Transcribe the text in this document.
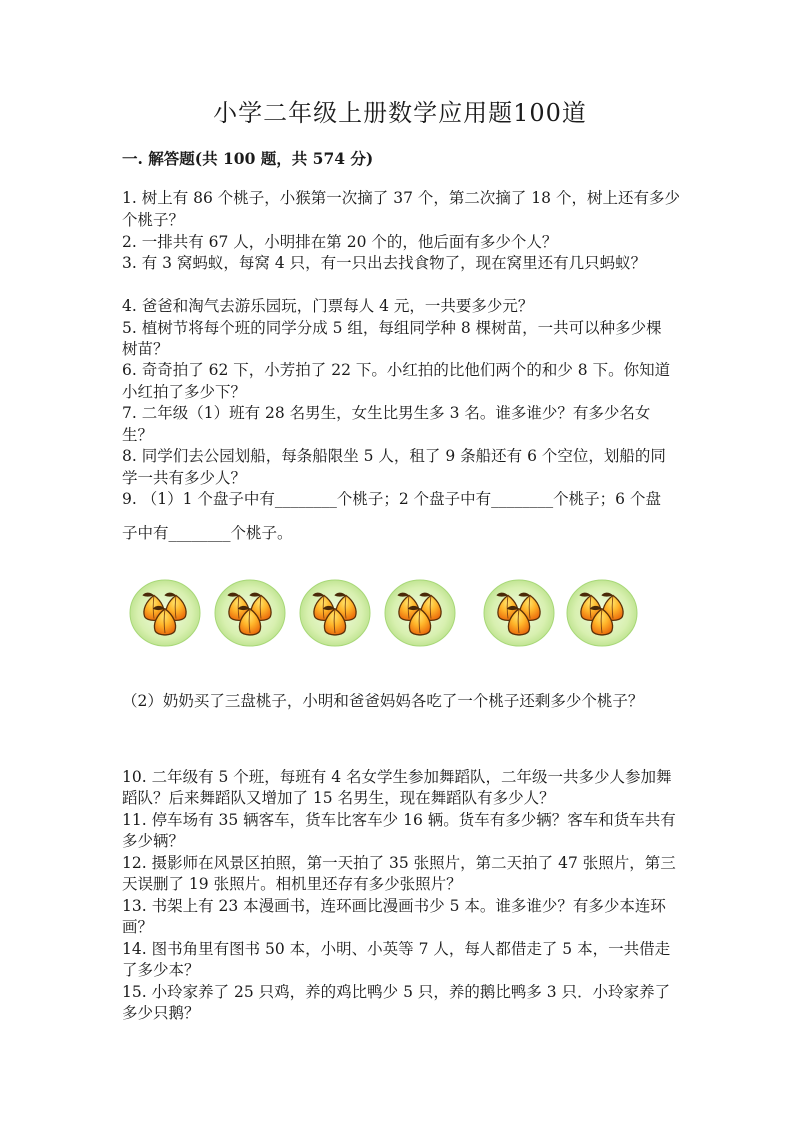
小学二年级上册数学应用题100道
一. 解答题(共 100 题，共 574 分)
1. 树上有 86 个桃子，小猴第一次摘了 37 个，第二次摘了 18 个，树上还有多少
个桃子？
2. 一排共有 67 人，小明排在第 20 个的，他后面有多少个人？
3. 有 3 窝蚂蚁，每窝 4 只，有一只出去找食物了，现在窝里还有几只蚂蚁？
4. 爸爸和淘气去游乐园玩，门票每人 4 元，一共要多少元？
5. 植树节将每个班的同学分成 5 组，每组同学种 8 棵树苗，一共可以种多少棵
树苗？
6. 奇奇拍了 62 下，小芳拍了 22 下。小红拍的比他们两个的和少 8 下。你知道
小红拍了多少下？
7. 二年级（1）班有 28 名男生，女生比男生多 3 名。谁多谁少？有多少名女
生？
8. 同学们去公园划船，每条船限坐 5 人，租了 9 条船还有 6 个空位，划船的同
学一共有多少人？
9. （1）1 个盘子中有________个桃子；2 个盘子中有________个桃子；6 个盘
子中有________个桃子。
（2）奶奶买了三盘桃子，小明和爸爸妈妈各吃了一个桃子还剩多少个桃子？
10. 二年级有 5 个班，每班有 4 名女学生参加舞蹈队，二年级一共多少人参加舞
蹈队？后来舞蹈队又增加了 15 名男生，现在舞蹈队有多少人？
11. 停车场有 35 辆客车，货车比客车少 16 辆。货车有多少辆？客车和货车共有
多少辆？
12. 摄影师在风景区拍照，第一天拍了 35 张照片，第二天拍了 47 张照片，第三
天误删了 19 张照片。相机里还存有多少张照片？
13. 书架上有 23 本漫画书，连环画比漫画书少 5 本。谁多谁少？有多少本连环
画？
14. 图书角里有图书 50 本，小明、小英等 7 人，每人都借走了 5 本，一共借走
了多少本？
15. 小玲家养了 25 只鸡，养的鸡比鸭少 5 只，养的鹅比鸭多 3 只．小玲家养了
多少只鹅？
